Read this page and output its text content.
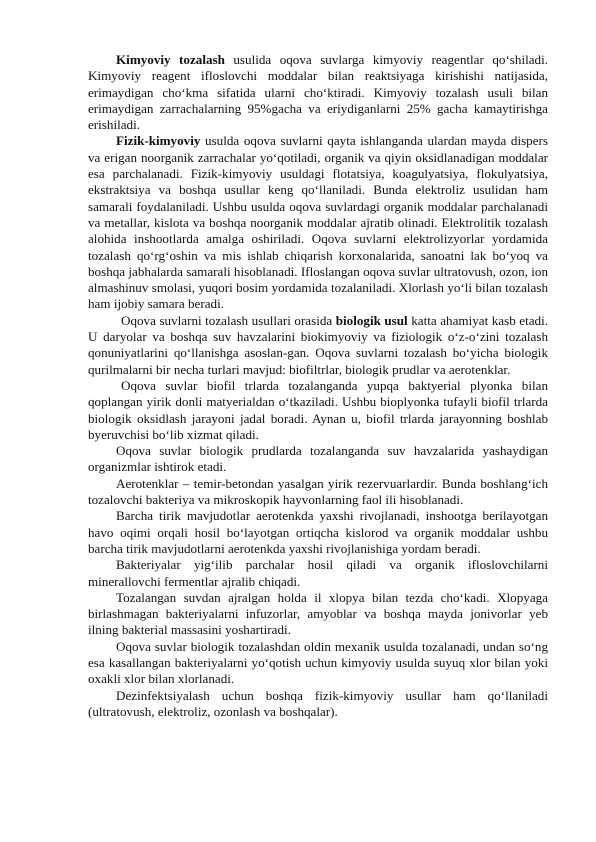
Kimyoviy tozalash usulida oqova suvlarga kimyoviy reagentlar qo‘shiladi. Kimyoviy reagent ifloslovchi moddalar bilan reaktsiyaga kirishishi natijasida, erimaydigan cho‘kma sifatida ularni cho‘ktiradi. Kimyoviy tozalash usuli bilan erimaydigan zarrachalarning 95%gacha va eriydiganlarni 25% gacha kamaytirishga erishiladi.

Fizik-kimyoviy usulda oqova suvlarni qayta ishlanganda ulardan mayda dispers va erigan noorganik zarrachalar yo‘qotiladi, organik va qiyin oksidlanadigan moddalar esa parchalanadi. Fizik-kimyoviy usuldagi flotatsiya, koagulyatsiya, flokulyatsiya, ekstraktsiya va boshqa usullar keng qo‘llaniladi. Bunda elektroliz usulidan ham samarali foydalaniladi. Ushbu usulda oqova suvlardagi organik moddalar parchalanadi va metallar, kislota va boshqa noorganik moddalar ajratib olinadi. Elektrolitik tozalash alohida inshootlarda amalga oshiriladi. Oqova suvlarni elektrolizyorlar yordamida tozalash qo‘rg‘oshin va mis ishlab chiqarish korxonalarida, sanoatni lak bo‘yoq va boshqa jabhalarda samarali hisoblanadi. Ifloslangan oqova suvlar ultratovush, ozon, ion almashinuv smolasi, yuqori bosim yordamida tozalaniladi. Xlorlash yo‘li bilan tozalash ham ijobiy samara beradi.

Oqova suvlarni tozalash usullari orasida biologik usul katta ahamiyat kasb etadi. U daryolar va boshqa suv havzalarini biokimyoviy va fiziologik o‘z-o‘zini tozalash qonuniyatlarini qo‘llanishga asoslan-gan. Oqova suvlarni tozalash bo‘yicha biologik qurilmalarni bir necha turlari mavjud: biofiltrlar, biologik prudlar va aerotenklar.

Oqova suvlar biofil trlarda tozalanganda yupqa baktyerial plyonka bilan qoplangan yirik donli matyerialdan o‘tkaziladi. Ushbu bioplyonka tufayli biofil trlarda biologik oksidlash jarayoni jadal boradi. Aynan u, biofil trlarda jarayonning boshlab byeruvchisi bo‘lib xizmat qiladi.

Oqova suvlar biologik prudlarda tozalanganda suv havzalarida yashaydigan organizmlar ishtirok etadi.

Aerotenklar – temir-betondan yasalgan yirik rezervuarlardir. Bunda boshlang‘ich tozalovchi bakteriya va mikroskopik hayvonlarning faol ili hisoblanadi.

Barcha tirik mavjudotlar aerotenkda yaxshi rivojlanadi, inshootga berilayotgan havo oqimi orqali hosil bo‘layotgan ortiqcha kislorod va organik moddalar ushbu barcha tirik mavjudotlarni aerotenkda yaxshi rivojlanishiga yordam beradi.

Bakteriyalar yig‘ilib parchalar hosil qiladi va organik ifloslovchilarni minerallovchi fermentlar ajralib chiqadi.

Tozalangan suvdan ajralgan holda il xlopya bilan tezda cho‘kadi. Xlopyaga birlashmagan bakteriyalarni infuzorlar, amyoblar va boshqa mayda jonivorlar yeb ilning bakterial massasini yoshartiradi.

Oqova suvlar biologik tozalashdan oldin mexanik usulda tozalanadi, undan so‘ng esa kasallangan bakteriyalarni yo‘qotish uchun kimyoviy usulda suyuq xlor bilan yoki oxakli xlor bilan xlorlanadi.

Dezinfektsiyalash uchun boshqa fizik-kimyoviy usullar ham qo‘llaniladi (ultratovush, elektroliz, ozonlash va boshqalar).
